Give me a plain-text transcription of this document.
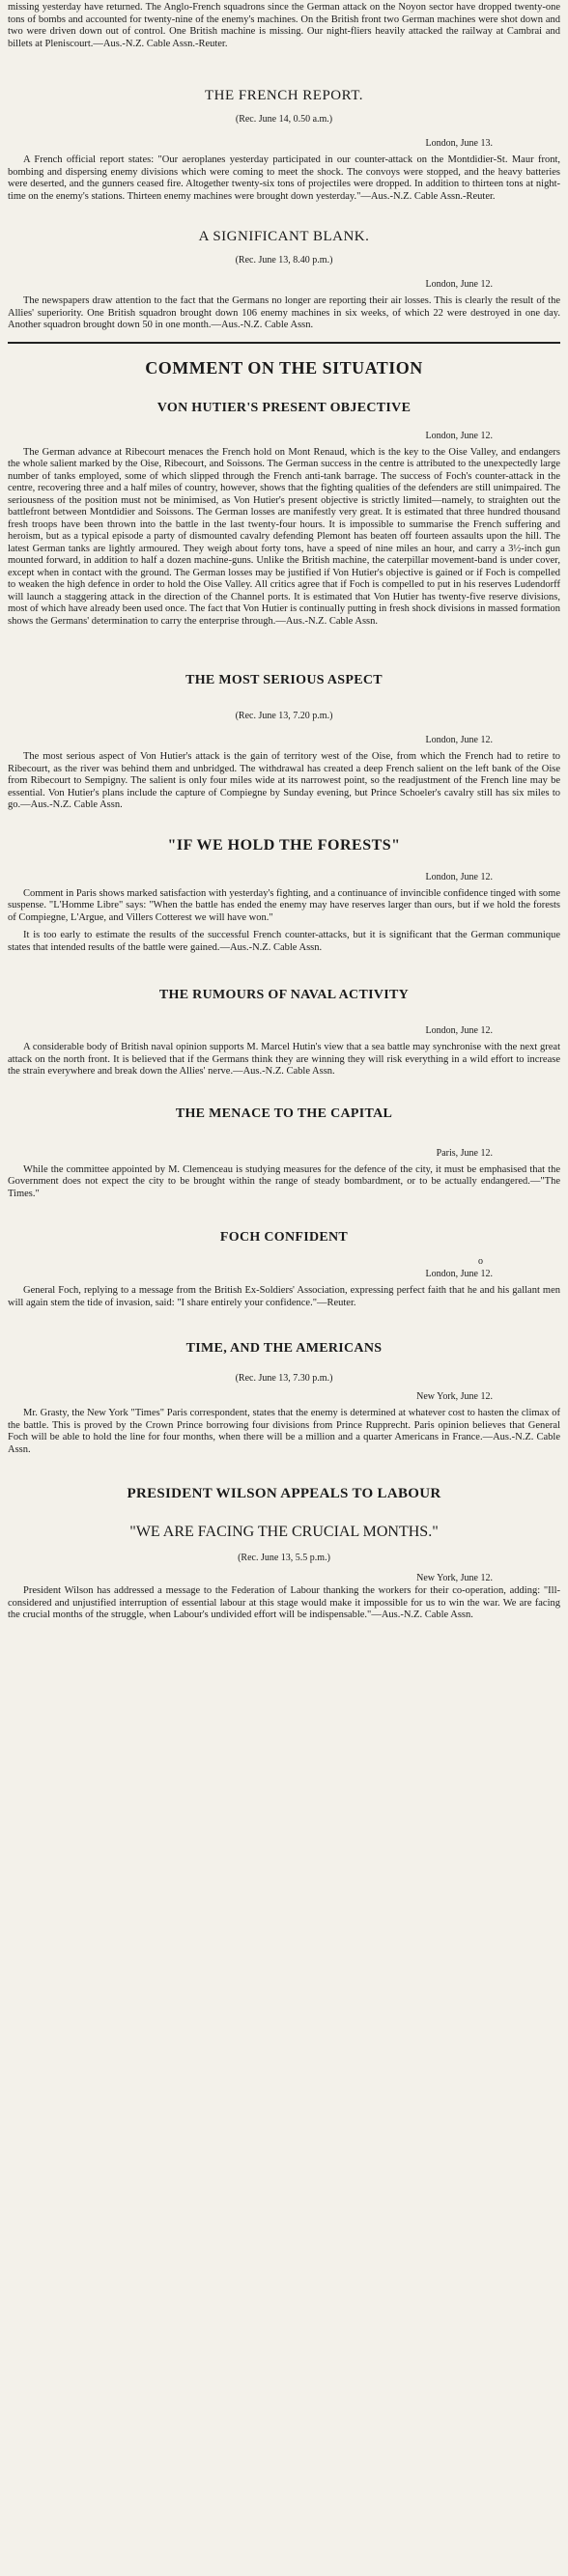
missing yesterday have returned. The Anglo-French squadrons since the German attack on the Noyon sector have dropped twenty-one tons of bombs and accounted for twenty-nine of the enemy's machines. On the British front two German machines were shot down and two were driven down out of control. One British machine is missing. Our night-fliers heavily attacked the railway at Cambrai and billets at Pleniscourt.—Aus.-N.Z. Cable Assn.-Reuter.

THE FRENCH REPORT.
(Rec. June 14, 0.50 a.m.)
London, June 13.

A French official report states: "Our aeroplanes yesterday participated in our counter-attack on the Montdidier-St. Maur front, bombing and dispersing enemy divisions which were coming to meet the shock. The convoys were stopped, and the heavy batteries were deserted, and the gunners ceased fire. Altogether twenty-six tons of projectiles were dropped. In addition to thirteen tons at night-time on the enemy's stations. Thirteen enemy machines were brought down yesterday."—Aus.-N.Z. Cable Assn.-Reuter.

A SIGNIFICANT BLANK.
(Rec. June 13, 8.40 p.m.)
London, June 12.

The newspapers draw attention to the fact that the Germans no longer are reporting their air losses. This is clearly the result of the Allies' superiority. One British squadron brought down 106 enemy machines in six weeks, of which 22 were destroyed in one day. Another squadron brought down 50 in one month.—Aus.-N.Z. Cable Assn.

COMMENT ON THE SITUATION
VON HUTIER'S PRESENT OBJECTIVE
London, June 12.

The German advance at Ribecourt menaces the French hold on Mont Renaud, which is the key to the Oise Valley, and endangers the whole salient marked by the Oise, Ribecourt, and Soissons. The German success in the centre is attributed to the unexpectedly large number of tanks employed, some of which slipped through the French anti-tank barrage. The success of Foch's counter-attack in the centre, recovering three and a half miles of country, however, shows that the fighting qualities of the defenders are still unimpaired. The seriousness of the position must not be minimised, as Von Hutier's present objective is strictly limited—namely, to straighten out the battlefront between Montdidier and Soissons. The German losses are manifestly very great. It is estimated that three hundred thousand fresh troops have been thrown into the battle in the last twenty-four hours. It is impossible to summarise the French suffering and heroism, but as a typical episode a party of dismounted cavalry defending Plemont has beaten off fourteen assaults upon the hill. The latest German tanks are lightly armoured. They weigh about forty tons, have a speed of nine miles an hour, and carry a 3½-inch gun mounted forward, in addition to half a dozen machine-guns. Unlike the British machine, the caterpillar movement-band is under cover, except when in contact with the ground. The German losses may be justified if Von Hutier's objective is gained or if Foch is compelled to weaken the high defence in order to hold the Oise Valley. All critics agree that if Foch is compelled to put in his reserves Ludendorff will launch a staggering attack in the direction of the Channel ports. It is estimated that Von Hutier has twenty-five reserve divisions, most of which have already been used once. The fact that Von Hutier is continually putting in fresh shock divisions in massed formation shows the Germans' determination to carry the enterprise through.—Aus.-N.Z. Cable Assn.

THE MOST SERIOUS ASPECT
(Rec. June 13, 7.20 p.m.)
London, June 12.

The most serious aspect of Von Hutier's attack is the gain of territory west of the Oise, from which the French had to retire to Ribecourt, as the river was behind them and unbridged. The withdrawal has created a deep French salient on the left bank of the Oise from Ribecourt to Sempigny. The salient is only four miles wide at its narrowest point, so the readjustment of the French line may be essential. Von Hutier's plans include the capture of Compiegne by Sunday evening, but Prince Schoeler's cavalry still has six miles to go.—Aus.-N.Z. Cable Assn.

"IF WE HOLD THE FORESTS"
London, June 12.

Comment in Paris shows marked satisfaction with yesterday's fighting, and a continuance of invincible confidence tinged with some suspense. "L'Homme Libre" says: "When the battle has ended the enemy may have reserves larger than ours, but if we hold the forests of Compiegne, L'Argue, and Villers Cotterest we will have won."

It is too early to estimate the results of the successful French counter-attacks, but it is significant that the German communique states that intended results of the battle were gained.—Aus.-N.Z. Cable Assn.

THE RUMOURS OF NAVAL ACTIVITY
London, June 12.

A considerable body of British naval opinion supports M. Marcel Hutin's view that a sea battle may synchronise with the next great attack on the north front. It is believed that if the Germans think they are winning they will risk everything in a wild effort to increase the strain everywhere and break down the Allies' nerve.—Aus.-N.Z. Cable Assn.

THE MENACE TO THE CAPITAL
Paris, June 12.

While the committee appointed by M. Clemenceau is studying measures for the defence of the city, it must be emphasised that the Government does not expect the city to be brought within the range of steady bombardment, or to be actually endangered.—"The Times."

FOCH CONFIDENT
o
London, June 12.

General Foch, replying to a message from the British Ex-Soldiers' Association, expressing perfect faith that he and his gallant men will again stem the tide of invasion, said: "I share entirely your confidence."—Reuter.

TIME, AND THE AMERICANS
(Rec. June 13, 7.30 p.m.)
New York, June 12.

Mr. Grasty, the New York "Times" Paris correspondent, states that the enemy is determined at whatever cost to hasten the climax of the battle. This is proved by the Crown Prince borrowing four divisions from Prince Rupprecht. Paris opinion believes that General Foch will be able to hold the line for four months, when there will be a million and a quarter Americans in France.—Aus.-N.Z. Cable Assn.

PRESIDENT WILSON APPEALS TO LABOUR
"WE ARE FACING THE CRUCIAL MONTHS."
(Rec. June 13, 5.5 p.m.)
New York, June 12.

President Wilson has addressed a message to the Federation of Labour thanking the workers for their co-operation, adding: "Ill-considered and unjustified interruption of essential labour at this stage would make it impossible for us to win the war. We are facing the crucial months of the struggle, when Labour's undivided effort will be indispensable."—Aus.-N.Z. Cable Assn.
